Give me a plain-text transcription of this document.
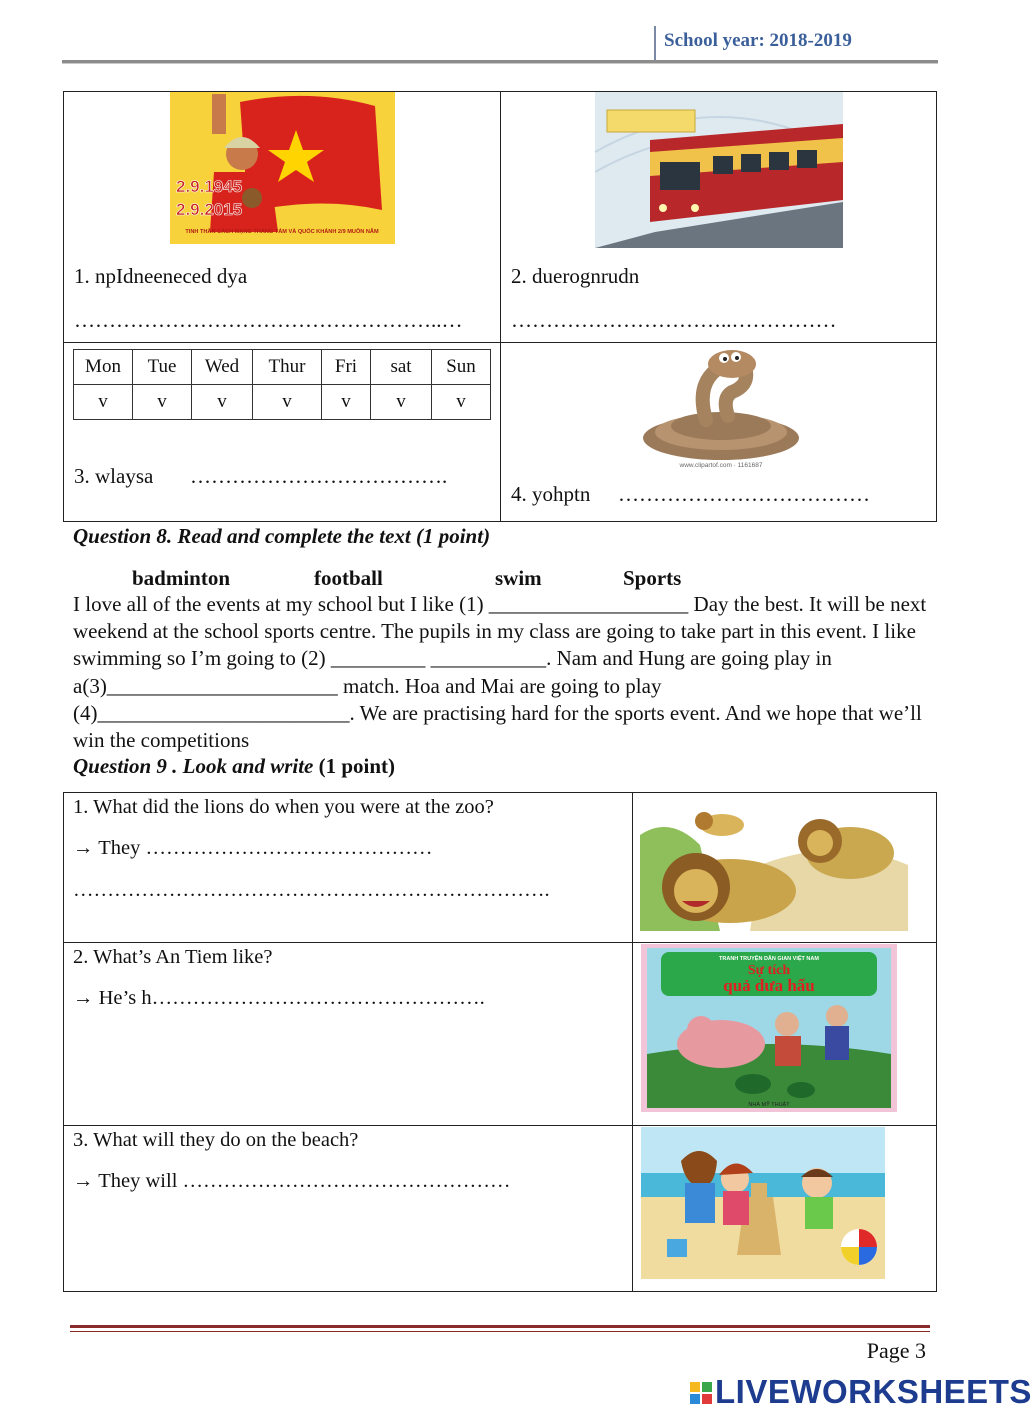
School year: 2018-2019
2.9.1945
2.9.2015
TINH THẦN CÁCH MẠNG THÁNG TÁM VÀ QUỐC KHÁNH 2/9 MUÔN NĂM
1. npIdneeneced dya
……………………………………………..…
2. duerognrudn
…………………………..……………
Mon	Tue	Wed	Thur	Fri	sat	Sun
v	v	v	v	v	v	v
3. wlaysa ……………………………….	www.clipartof.com · 1161687
4. yohptn ………………………………
Question 8. Read and complete the text (1 point)
badminton	football	swim	Sports
I love all of the events at my school but I like (1) ___________________ Day the best. It will be next weekend at the school sports centre. The pupils in my class are going to take part in this event. I like swimming so I’m going to (2) _________ ___________. Nam and Hung are going play in a(3)______________________ match. Hoa and Mai are going to play (4)________________________. We are practising hard for the sports event. And we hope that we’ll win the competitions
Question 9 . Look and write (1 point)
1. What did the lions do when you were at the zoo?
→ They ……………………………………
…………………………………………………………….
2. What’s An Tiem like?
→ He’s h………………………………………….
3. What will they do on the beach?
→ They will …………………………………………
TRANH TRUYỆN DÂN GIAN VIỆT NAM
Sự tích
quả dưa hấu
NHÀ MỸ THUẬT
Page 3
LIVEWORKSHEETS
